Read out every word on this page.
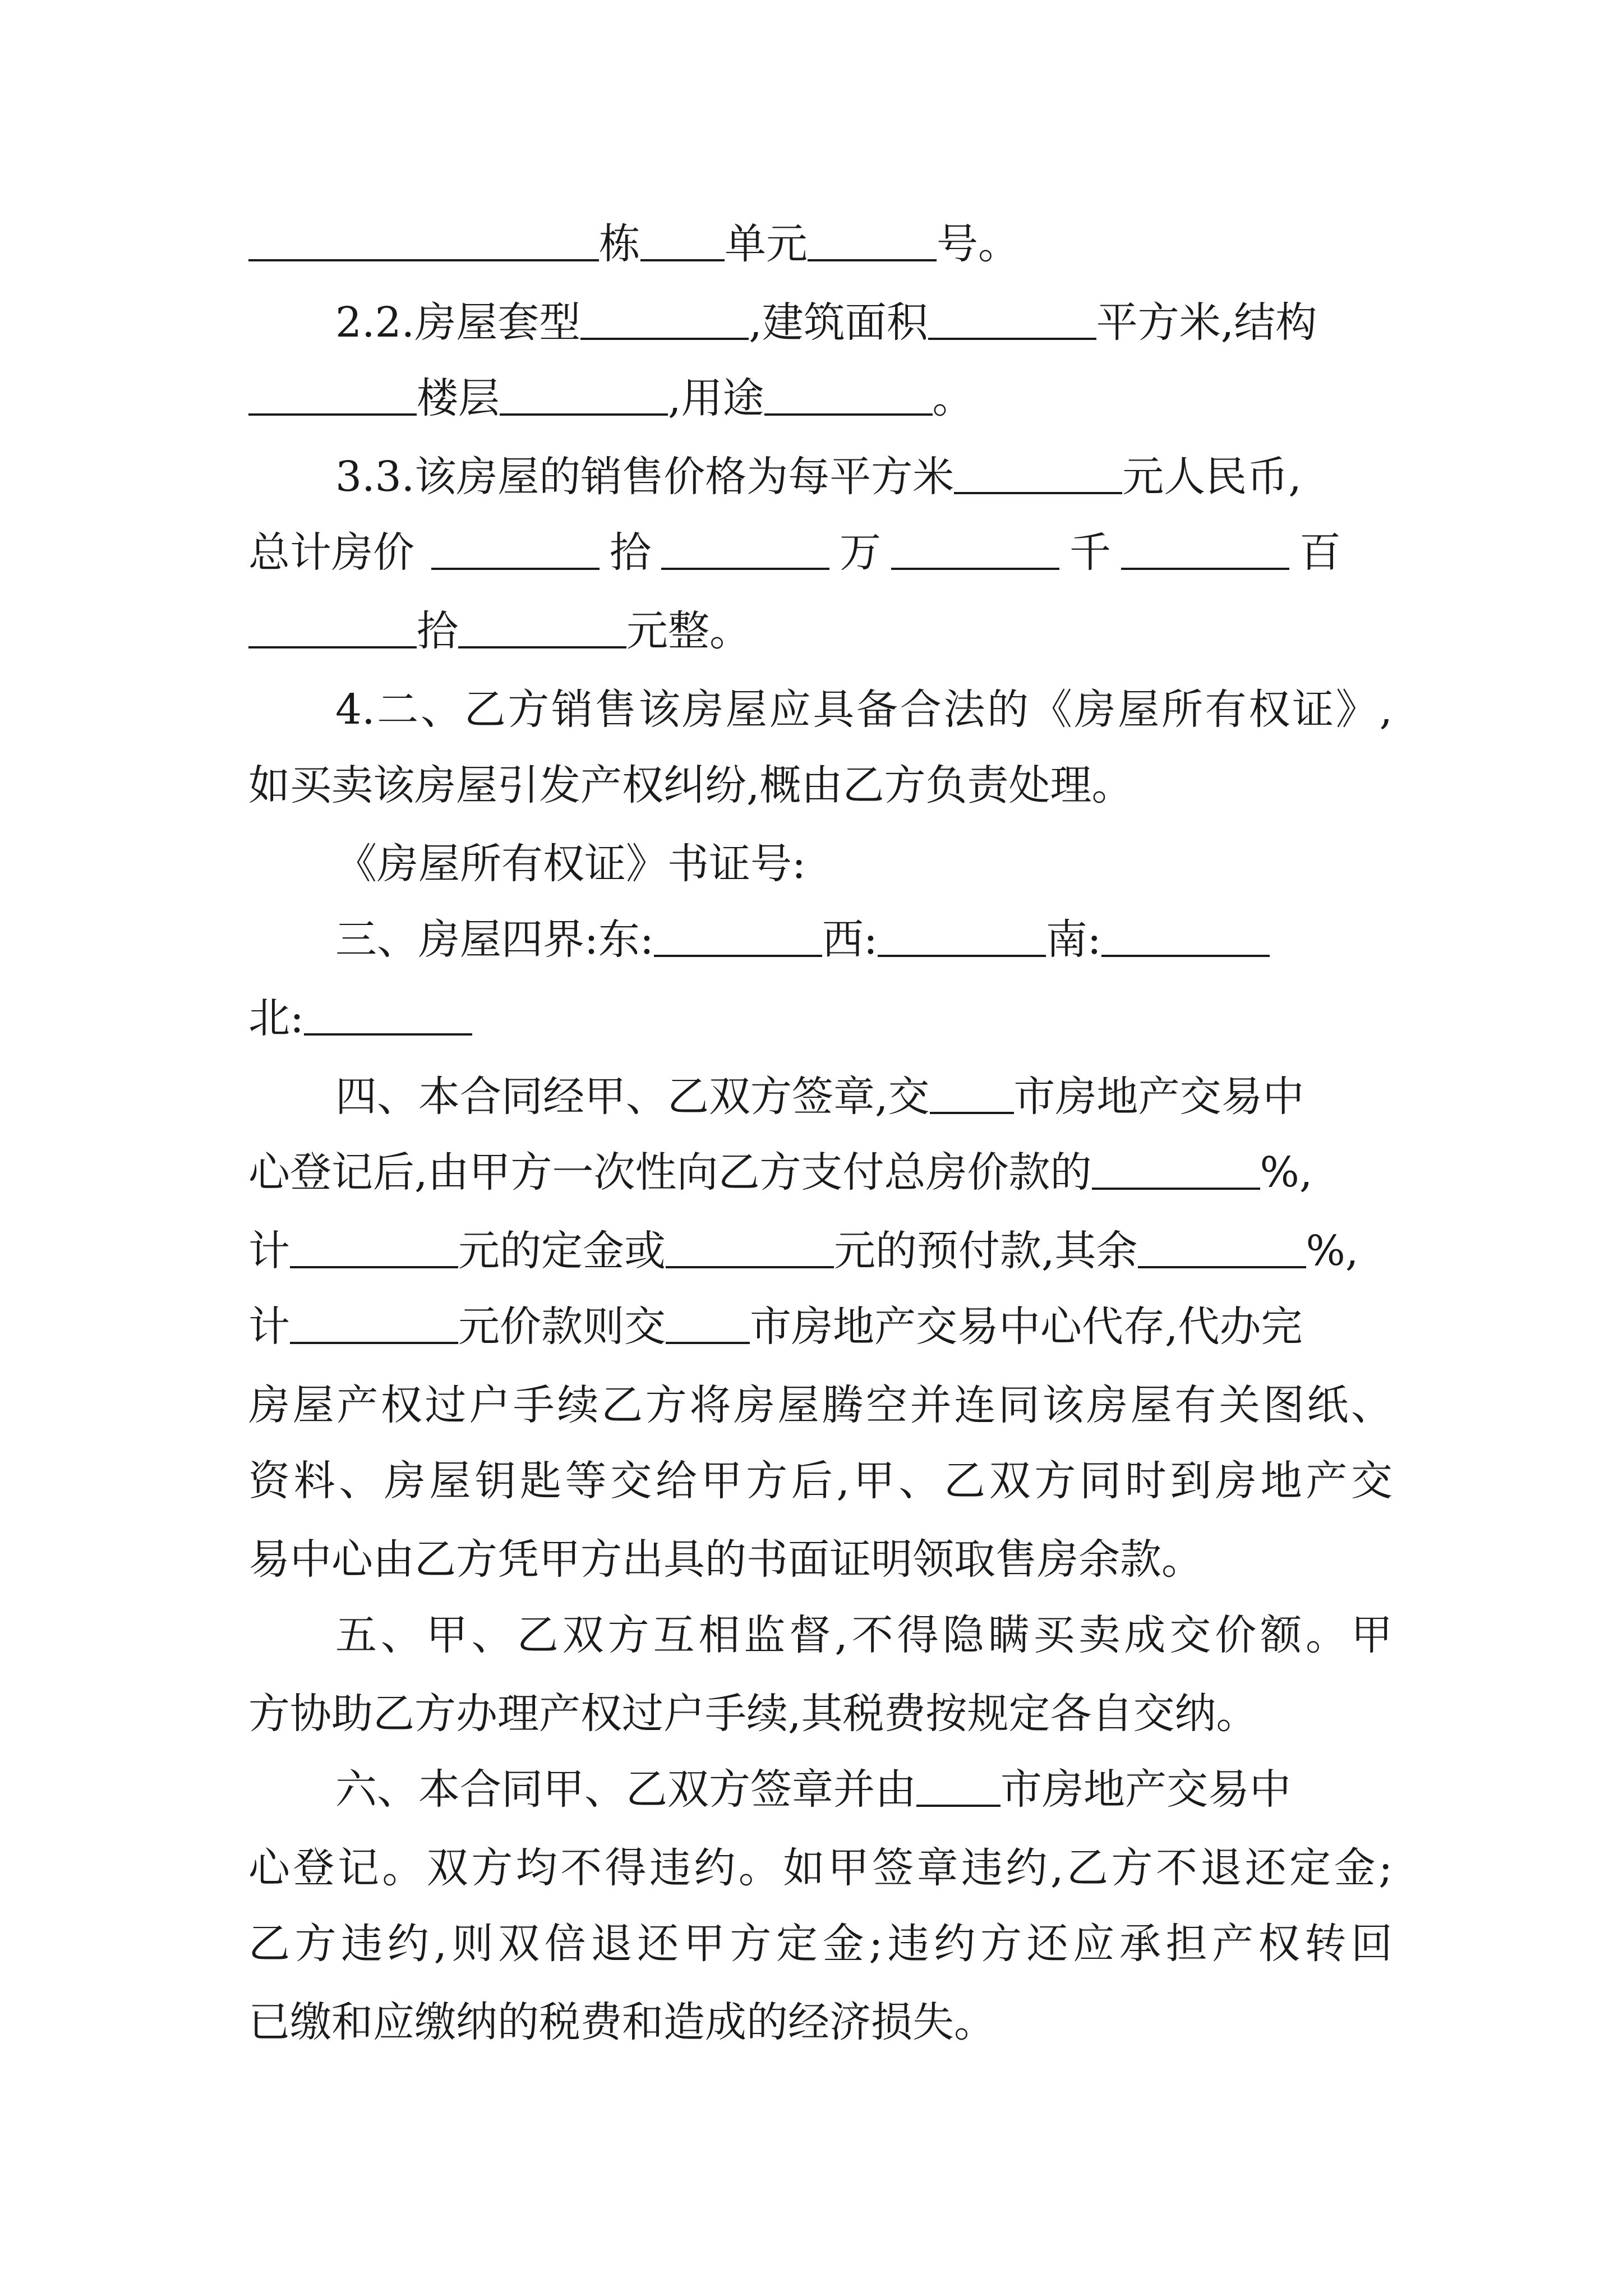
栋 单元	号。
2.2.房屋套型	,建筑面积	平方米,结构
楼层	,用途	。
3.3.该房屋的销售价格为每平方米	元人民币,
总计房价	拾	万	千	百
拾	元整。
4.二、乙方销售该房屋应具备合法的《房屋所有权证》,
如买卖该房屋引发产权纠纷,概由乙方负责处理。
《房屋所有权证》书证号:
三、房屋四界:东:	西:	南:
北:
四、本合同经甲、乙双方签章,交 市房地产交易中
心登记后,由甲方一次性向乙方支付总房价款的	%,
计	元的定金或	元的预付款,其余	%,
计	元价款则交 市房地产交易中心代存,代办完
房屋产权过户手续乙方将房屋腾空并连同该房屋有关图纸、
资料、房屋钥匙等交给甲方后,甲、乙双方同时到房地产交
易中心由乙方凭甲方出具的书面证明领取售房余款。
五、甲、乙双方互相监督,不得隐瞒买卖成交价额。甲
方协助乙方办理产权过户手续,其税费按规定各自交纳。
六、本合同甲、乙双方签章并由 市房地产交易中
心登记。双方均不得违约。如甲签章违约,乙方不退还定金;
乙方违约,则双倍退还甲方定金;违约方还应承担产权转回
已缴和应缴纳的税费和造成的经济损失。
